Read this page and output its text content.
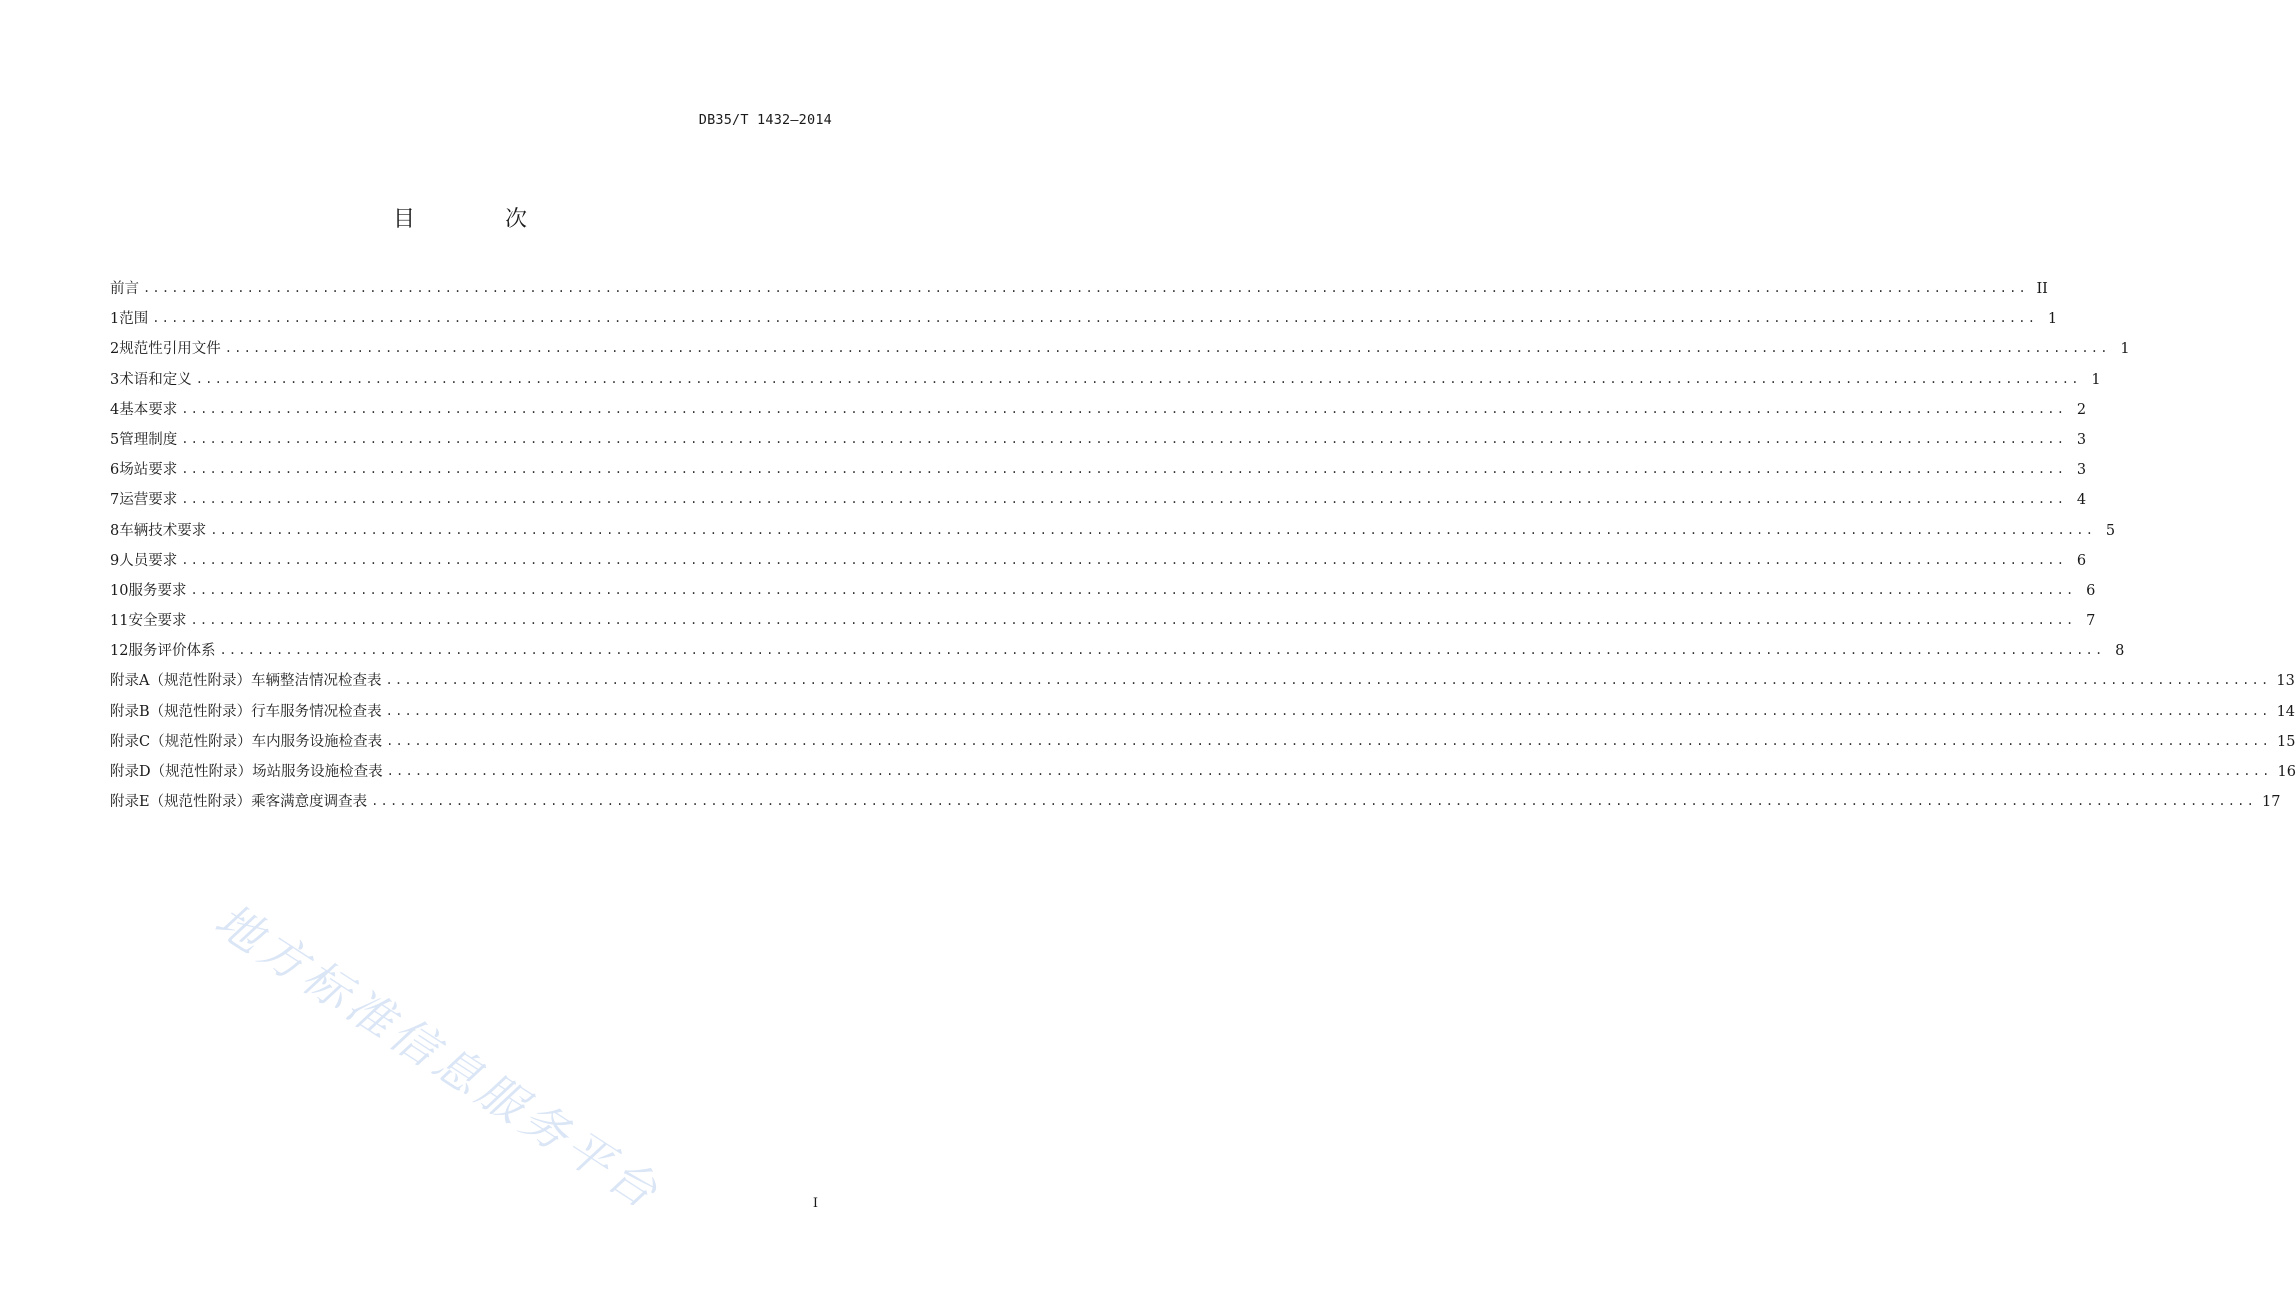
DB35/T 1432—2014
目	次
前言 ........................................................................................................................................................................................................ II
1 范围 ........................................................................................................................................................................................................ 1
2 规范性引用文件 ........................................................................................................................................................................................................ 1
3 术语和定义 ........................................................................................................................................................................................................ 1
4 基本要求 ........................................................................................................................................................................................................ 2
5 管理制度 ........................................................................................................................................................................................................ 3
6 场站要求 ........................................................................................................................................................................................................ 3
7 运营要求 ........................................................................................................................................................................................................ 4
8 车辆技术要求 ........................................................................................................................................................................................................ 5
9 人员要求 ........................................................................................................................................................................................................ 6
10 服务要求 ........................................................................................................................................................................................................ 6
11 安全要求 ........................................................................................................................................................................................................ 7
12 服务评价体系 ........................................................................................................................................................................................................ 8
附录A（规范性附录） 车辆整洁情况检查表 ........................................................................................................................................................................................................ 13
附录B（规范性附录） 行车服务情况检查表 ........................................................................................................................................................................................................ 14
附录C（规范性附录） 车内服务设施检查表 ........................................................................................................................................................................................................ 15
附录D（规范性附录） 场站服务设施检查表 ........................................................................................................................................................................................................ 16
附录E（规范性附录） 乘客满意度调查表 ........................................................................................................................................................................................................ 17
地方标准信息服务平台	I
